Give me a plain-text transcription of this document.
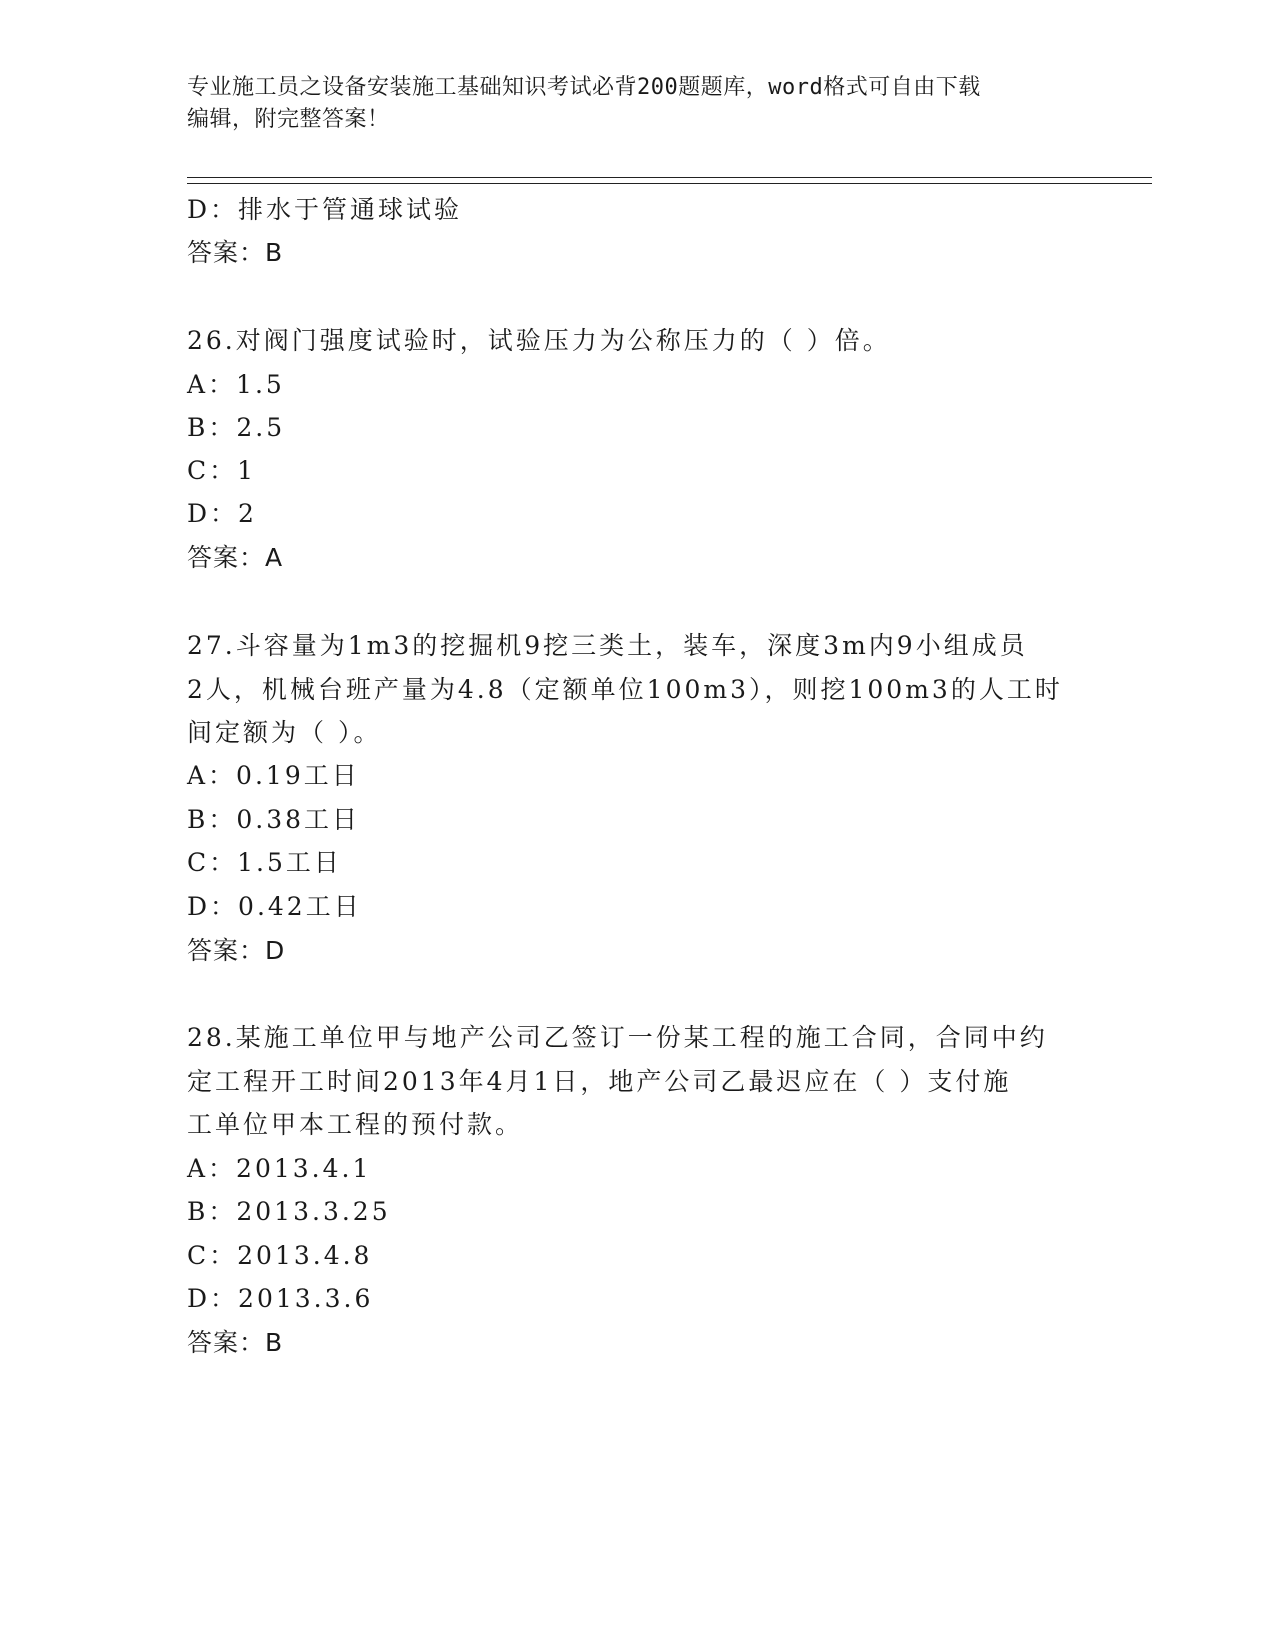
专业施工员之设备安装施工基础知识考试必背200题题库，word格式可自由下载
编辑，附完整答案！
D：排水于管通球试验
答案：B
26.对阀门强度试验时，试验压力为公称压力的（ ）倍。
A：1.5
B：2.5
C：1
D：2
答案：A
27.斗容量为1m3的挖掘机9挖三类土，装车，深度3m内9小组成员
2人，机械台班产量为4.8（定额单位100m3），则挖100m3的人工时
间定额为（ ）。
A：0.19工日
B：0.38工日
C：1.5工日
D：0.42工日
答案：D
28.某施工单位甲与地产公司乙签订一份某工程的施工合同，合同中约
定工程开工时间2013年4月1日，地产公司乙最迟应在（ ）支付施
工单位甲本工程的预付款。
A：2013.4.1
B：2013.3.25
C：2013.4.8
D：2013.3.6
答案：B
